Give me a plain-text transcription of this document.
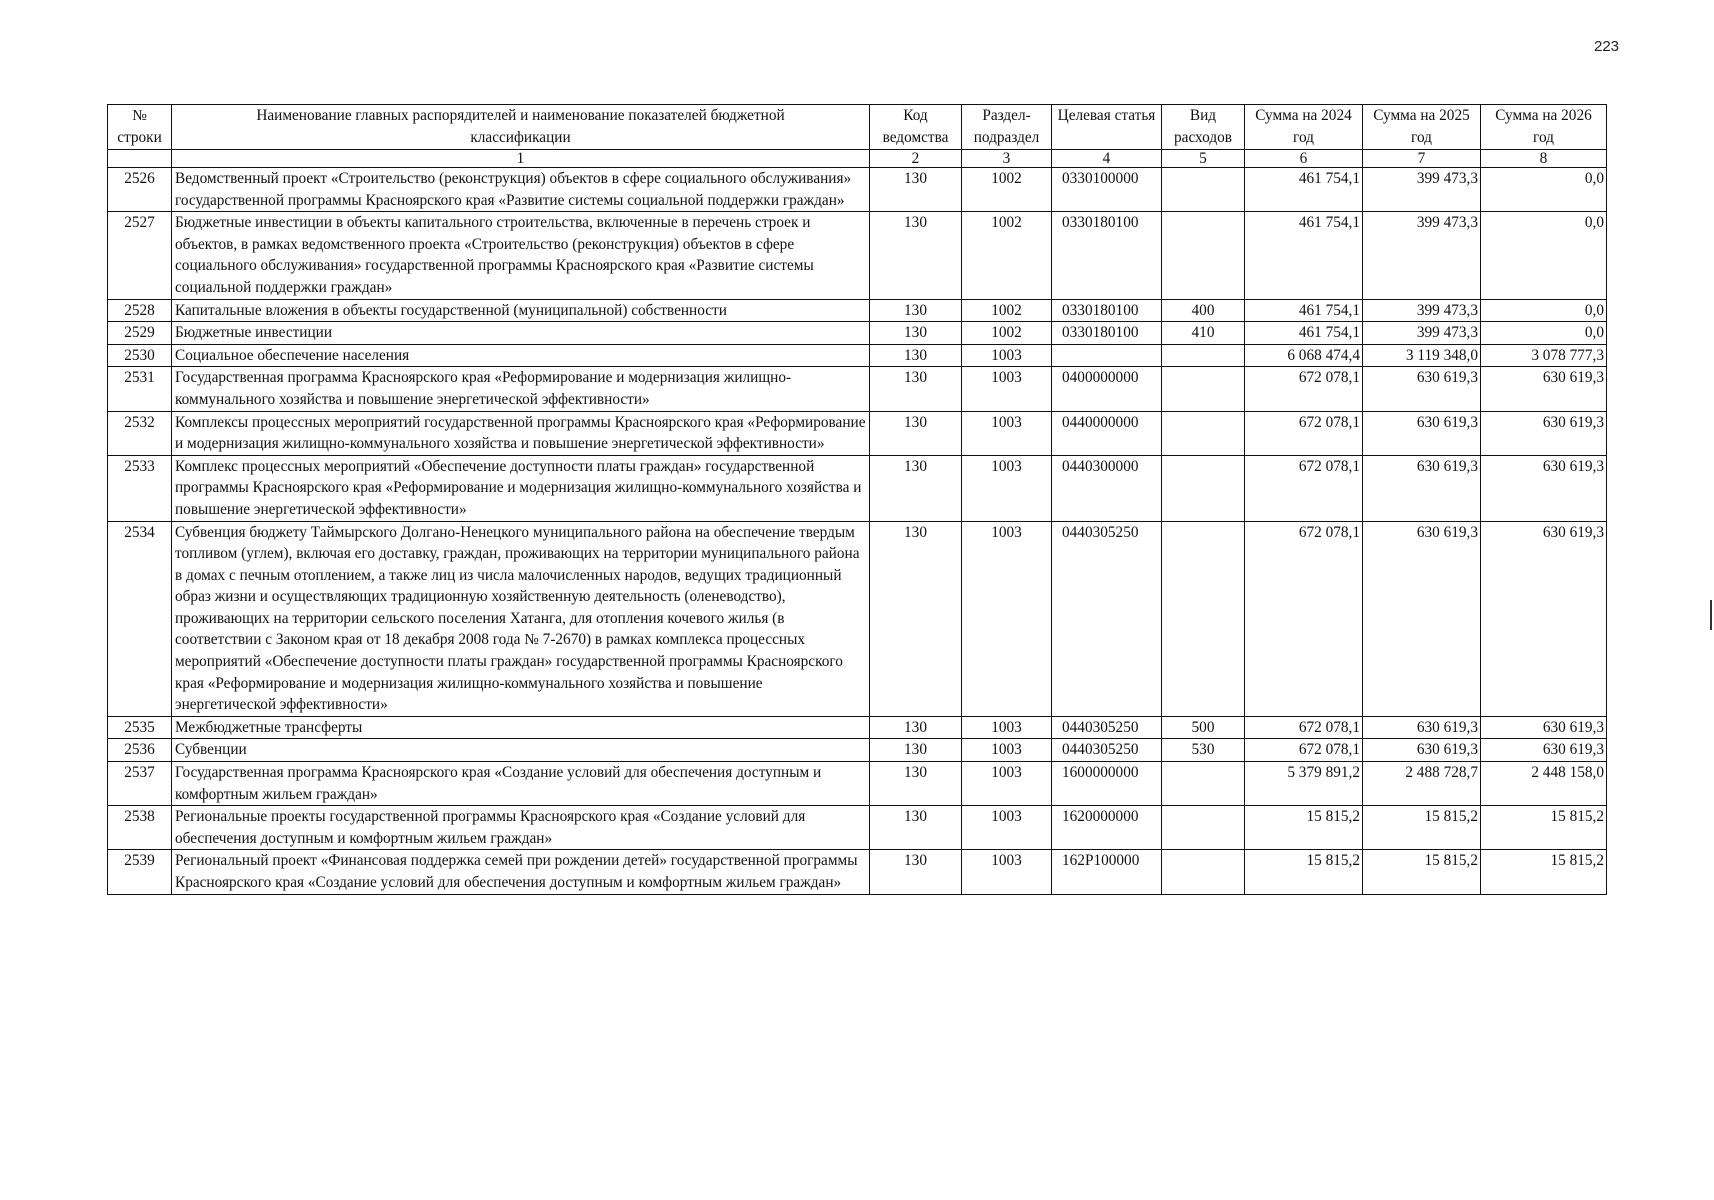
223
№ строки	Наименование главных распорядителей и наименование показателей бюджетной классификации	Код ведомства	Раздел-подраздел	Целевая статья	Вид расходов	Сумма на 2024 год	Сумма на 2025 год	Сумма на 2026 год
	1	2	3	4	5	6	7	8
2526	Ведомственный проект «Строительство (реконструкция) объектов в сфере социального обслуживания» государственной программы Красноярского края «Развитие системы социальной поддержки граждан»	130	1002	0330100000		461 754,1	399 473,3	0,0
2527	Бюджетные инвестиции в объекты капитального строительства, включенные в перечень строек и объектов, в рамках ведомственного проекта «Строительство (реконструкция) объектов в сфере социального обслуживания» государственной программы Красноярского края «Развитие системы социальной поддержки граждан»	130	1002	0330180100		461 754,1	399 473,3	0,0
2528	Капитальные вложения в объекты государственной (муниципальной) собственности	130	1002	0330180100	400	461 754,1	399 473,3	0,0
2529	Бюджетные инвестиции	130	1002	0330180100	410	461 754,1	399 473,3	0,0
2530	Социальное обеспечение населения	130	1003			6 068 474,4	3 119 348,0	3 078 777,3
2531	Государственная программа Красноярского края «Реформирование и модернизация жилищно-коммунального хозяйства и повышение энергетической эффективности»	130	1003	0400000000		672 078,1	630 619,3	630 619,3
2532	Комплексы процессных мероприятий государственной программы Красноярского края «Реформирование и модернизация жилищно-коммунального хозяйства и повышение энергетической эффективности»	130	1003	0440000000		672 078,1	630 619,3	630 619,3
2533	Комплекс процессных мероприятий «Обеспечение доступности платы граждан» государственной программы Красноярского края «Реформирование и модернизация жилищно-коммунального хозяйства и повышение энергетической эффективности»	130	1003	0440300000		672 078,1	630 619,3	630 619,3
2534	Субвенция бюджету Таймырского Долгано-Ненецкого муниципального района на обеспечение твердым топливом (углем), включая его доставку, граждан, проживающих на территории муниципального района в домах с печным отоплением, а также лиц из числа малочисленных народов, ведущих традиционный образ жизни и осуществляющих традиционную хозяйственную деятельность (оленеводство), проживающих на территории сельского поселения Хатанга, для отопления кочевого жилья (в соответствии с Законом края от 18 декабря 2008 года № 7-2670) в рамках комплекса процессных мероприятий «Обеспечение доступности платы граждан» государственной программы Красноярского края «Реформирование и модернизация жилищно-коммунального хозяйства и повышение энергетической эффективности»	130	1003	0440305250		672 078,1	630 619,3	630 619,3
2535	Межбюджетные трансферты	130	1003	0440305250	500	672 078,1	630 619,3	630 619,3
2536	Субвенции	130	1003	0440305250	530	672 078,1	630 619,3	630 619,3
2537	Государственная программа Красноярского края «Создание условий для обеспечения доступным и комфортным жильем граждан»	130	1003	1600000000		5 379 891,2	2 488 728,7	2 448 158,0
2538	Региональные проекты государственной программы Красноярского края «Создание условий для обеспечения доступным и комфортным жильем граждан»	130	1003	1620000000		15 815,2	15 815,2	15 815,2
2539	Региональный проект «Финансовая поддержка семей при рождении детей» государственной программы Красноярского края «Создание условий для обеспечения доступным и комфортным жильем граждан»	130	1003	162P100000		15 815,2	15 815,2	15 815,2
